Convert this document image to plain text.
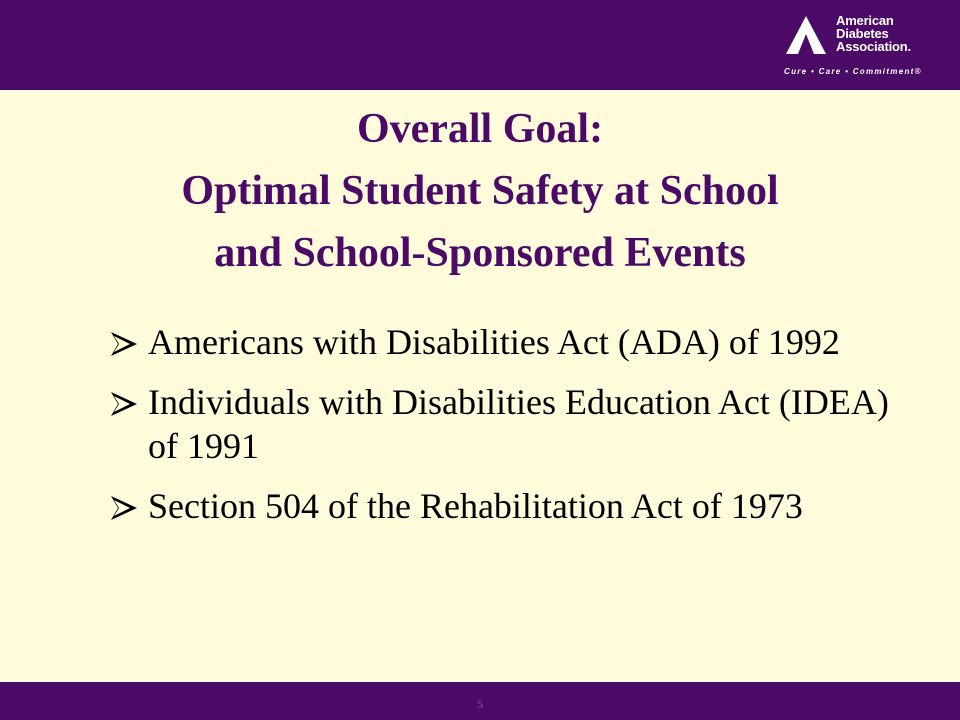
American
Diabetes
Association.
Cure • Care • Commitment®
Overall Goal:
Optimal Student Safety at School
and School-Sponsored Events
Americans with Disabilities Act (ADA) of 1992
Individuals with Disabilities Education Act (IDEA) of 1991
Section 504 of the Rehabilitation Act of 1973
5
